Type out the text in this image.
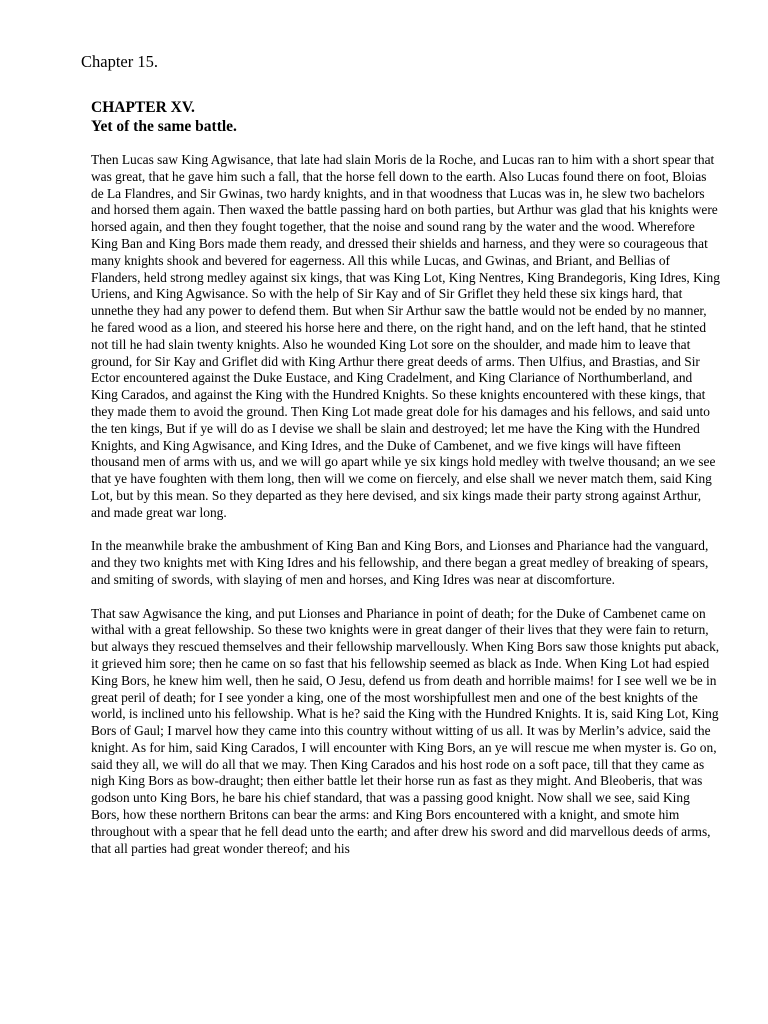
Chapter 15.

CHAPTER XV.
Yet of the same battle.

Then Lucas saw King Agwisance, that late had slain Moris de la Roche, and Lucas ran to him with a short spear that was great, that he gave him such a fall, that the horse fell down to the earth. Also Lucas found there on foot, Bloias de La Flandres, and Sir Gwinas, two hardy knights, and in that woodness that Lucas was in, he slew two bachelors and horsed them again. Then waxed the battle passing hard on both parties, but Arthur was glad that his knights were horsed again, and then they fought together, that the noise and sound rang by the water and the wood. Wherefore King Ban and King Bors made them ready, and dressed their shields and harness, and they were so courageous that many knights shook and bevered for eagerness. All this while Lucas, and Gwinas, and Briant, and Bellias of Flanders, held strong medley against six kings, that was King Lot, King Nentres, King Brandegoris, King Idres, King Uriens, and King Agwisance. So with the help of Sir Kay and of Sir Griflet they held these six kings hard, that unnethe they had any power to defend them. But when Sir Arthur saw the battle would not be ended by no manner, he fared wood as a lion, and steered his horse here and there, on the right hand, and on the left hand, that he stinted not till he had slain twenty knights. Also he wounded King Lot sore on the shoulder, and made him to leave that ground, for Sir Kay and Griflet did with King Arthur there great deeds of arms. Then Ulfius, and Brastias, and Sir Ector encountered against the Duke Eustace, and King Cradelment, and King Clariance of Northumberland, and King Carados, and against the King with the Hundred Knights. So these knights encountered with these kings, that they made them to avoid the ground. Then King Lot made great dole for his damages and his fellows, and said unto the ten kings, But if ye will do as I devise we shall be slain and destroyed; let me have the King with the Hundred Knights, and King Agwisance, and King Idres, and the Duke of Cambenet, and we five kings will have fifteen thousand men of arms with us, and we will go apart while ye six kings hold medley with twelve thousand; an we see that ye have foughten with them long, then will we come on fiercely, and else shall we never match them, said King Lot, but by this mean. So they departed as they here devised, and six kings made their party strong against Arthur, and made great war long.

In the meanwhile brake the ambushment of King Ban and King Bors, and Lionses and Phariance had the vanguard, and they two knights met with King Idres and his fellowship, and there began a great medley of breaking of spears, and smiting of swords, with slaying of men and horses, and King Idres was near at discomforture.

That saw Agwisance the king, and put Lionses and Phariance in point of death; for the Duke of Cambenet came on withal with a great fellowship. So these two knights were in great danger of their lives that they were fain to return, but always they rescued themselves and their fellowship marvellously. When King Bors saw those knights put aback, it grieved him sore; then he came on so fast that his fellowship seemed as black as Inde. When King Lot had espied King Bors, he knew him well, then he said, O Jesu, defend us from death and horrible maims! for I see well we be in great peril of death; for I see yonder a king, one of the most worshipfullest men and one of the best knights of the world, is inclined unto his fellowship. What is he? said the King with the Hundred Knights. It is, said King Lot, King Bors of Gaul; I marvel how they came into this country without witting of us all. It was by Merlin’s advice, said the knight. As for him, said King Carados, I will encounter with King Bors, an ye will rescue me when myster is. Go on, said they all, we will do all that we may. Then King Carados and his host rode on a soft pace, till that they came as nigh King Bors as bow-draught; then either battle let their horse run as fast as they might. And Bleoberis, that was godson unto King Bors, he bare his chief standard, that was a passing good knight. Now shall we see, said King Bors, how these northern Britons can bear the arms: and King Bors encountered with a knight, and smote him throughout with a spear that he fell dead unto the earth; and after drew his sword and did marvellous deeds of arms, that all parties had great wonder thereof; and his
